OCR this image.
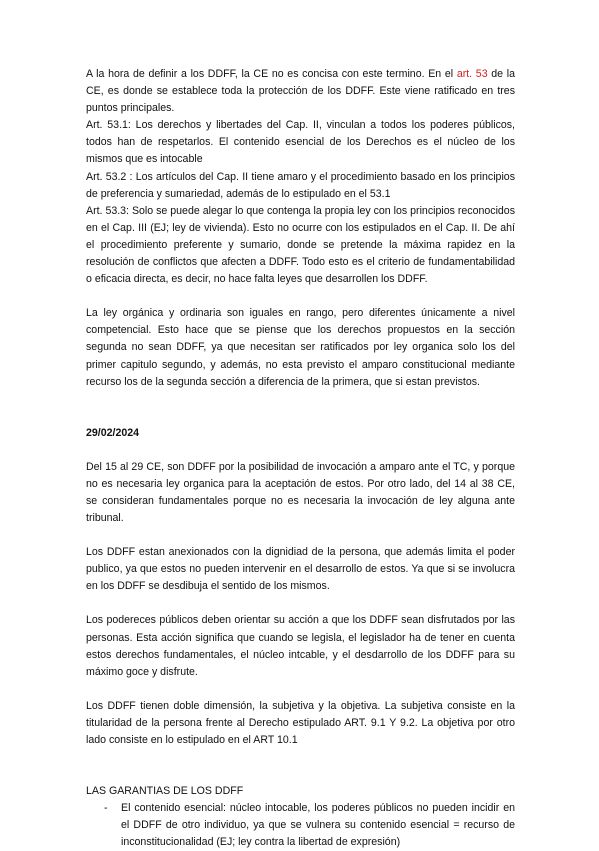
A la hora de definir a los DDFF, la CE no es concisa con este termino. En el art. 53 de la CE, es donde se establece toda la protección de los DDFF. Este viene ratificado en tres puntos principales.

Art. 53.1: Los derechos y libertades del Cap. II, vinculan a todos los poderes públicos, todos han de respetarlos. El contenido esencial de los Derechos es el núcleo de los mismos que es intocable

Art. 53.2 : Los artículos del Cap. II tiene amaro y el procedimiento basado en los principios de preferencia y sumariedad, además de lo estipulado en el 53.1

Art. 53.3: Solo se puede alegar lo que contenga la propia ley con los principios reconocidos en el Cap. III (EJ; ley de vivienda). Esto no ocurre con los estipulados en el Cap. II. De ahí el procedimiento preferente y sumario, donde se pretende la máxima rapidez en la resolución de conflictos que afecten a DDFF. Todo esto es el criterio de fundamentabilidad o eficacia directa, es decir, no hace falta leyes que desarrollen los DDFF.

La ley orgánica y ordinaria son iguales en rango, pero diferentes únicamente a nivel competencial. Esto hace que se piense que los derechos propuestos en la sección segunda no sean DDFF, ya que necesitan ser ratificados por ley organica solo los del primer capitulo segundo, y además, no esta previsto el amparo constitucional mediante recurso los de la segunda sección a diferencia de la primera, que si estan previstos.

29/02/2024

Del 15 al 29 CE, son DDFF por la posibilidad de invocación a amparo ante el TC, y porque no es necesaria ley organica para la aceptación de estos. Por otro lado, del 14 al 38 CE, se consideran fundamentales porque no es necesaria la invocación de ley alguna ante tribunal.

Los DDFF estan anexionados con la dignidiad de la persona, que además limita el poder publico, ya que estos no pueden intervenir en el desarrollo de estos. Ya que si se involucra en los DDFF se desdibuja el sentido de los mismos.

Los podereces públicos deben orientar su acción a que los DDFF sean disfrutados por las personas. Esta acción significa que cuando se legisla, el legislador ha de tener en cuenta estos derechos fundamentales, el núcleo intcable, y el desdarrollo de los DDFF para su máximo goce y disfrute.

Los DDFF tienen doble dimensión, la subjetiva y la objetiva. La subjetiva consiste en la titularidad de la persona frente al Derecho estipulado ART. 9.1 Y 9.2. La objetiva por otro lado consiste en lo estipulado en el ART 10.1

LAS GARANTIAS DE LOS DDFF

- El contenido esencial: núcleo intocable, los poderes públicos no pueden incidir en el DDFF de otro individuo, ya que se vulnera su contenido esencial = recurso de inconstitucionalidad (EJ; ley contra la libertad de expresión)
